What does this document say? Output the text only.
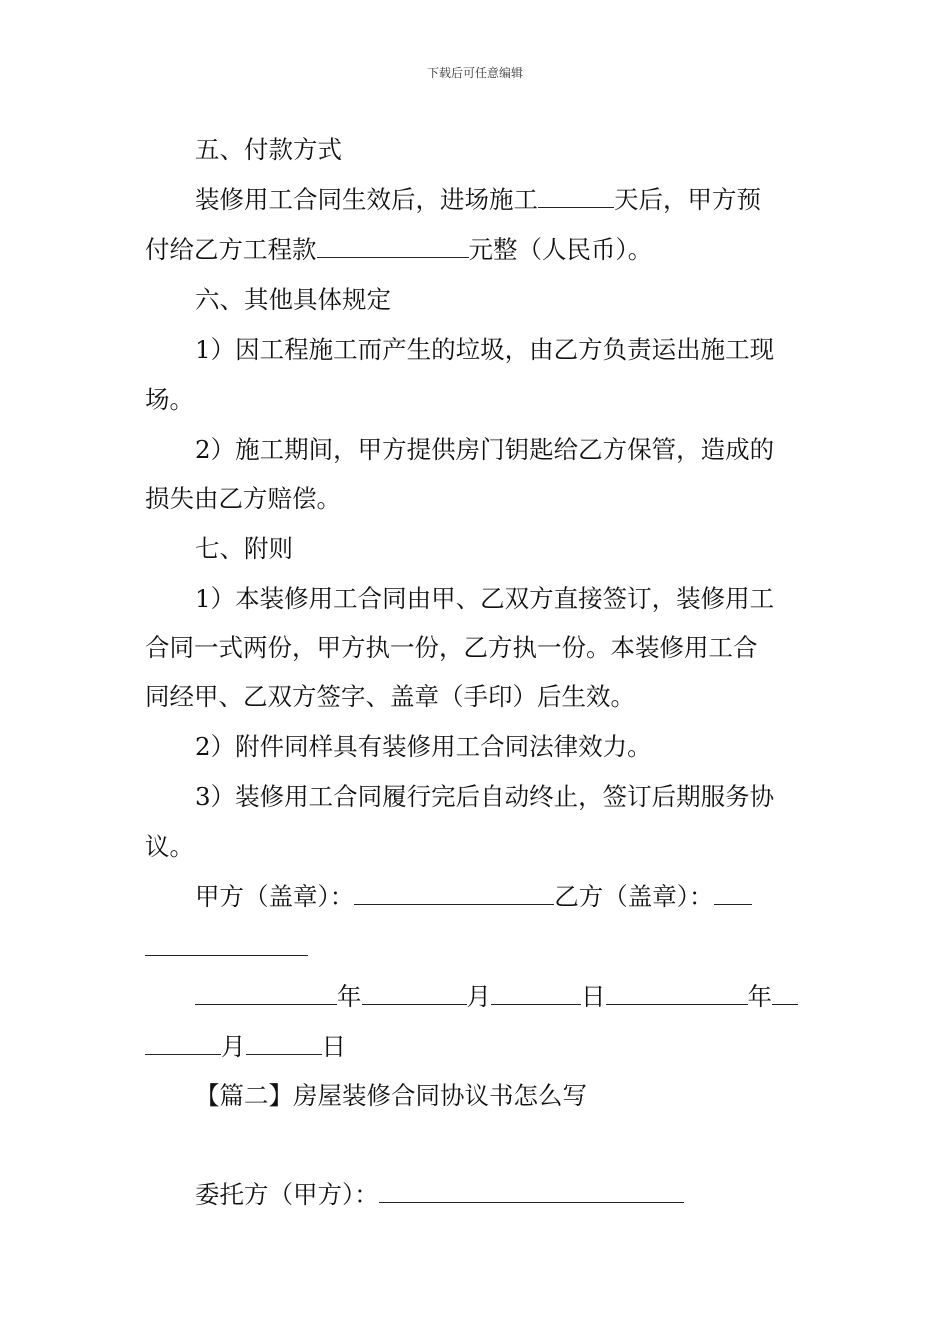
下载后可任意编辑
五、付款方式
装修用工合同生效后，进场施工	天后，甲方预
付给乙方工程款	元整（人民币）。
六、其他具体规定
1）因工程施工而产生的垃圾，由乙方负责运出施工现
场。
2）施工期间，甲方提供房门钥匙给乙方保管，造成的
损失由乙方赔偿。
七、附则
1）本装修用工合同由甲、乙双方直接签订，装修用工
合同一式两份，甲方执一份，乙方执一份。本装修用工合
同经甲、乙双方签字、盖章（手印）后生效。
2）附件同样具有装修用工合同法律效力。
3）装修用工合同履行完后自动终止，签订后期服务协
议。
甲方（盖章）：	乙方（盖章）：
年	月	日	年
月	日
【篇二】房屋装修合同协议书怎么写
委托方（甲方）：
